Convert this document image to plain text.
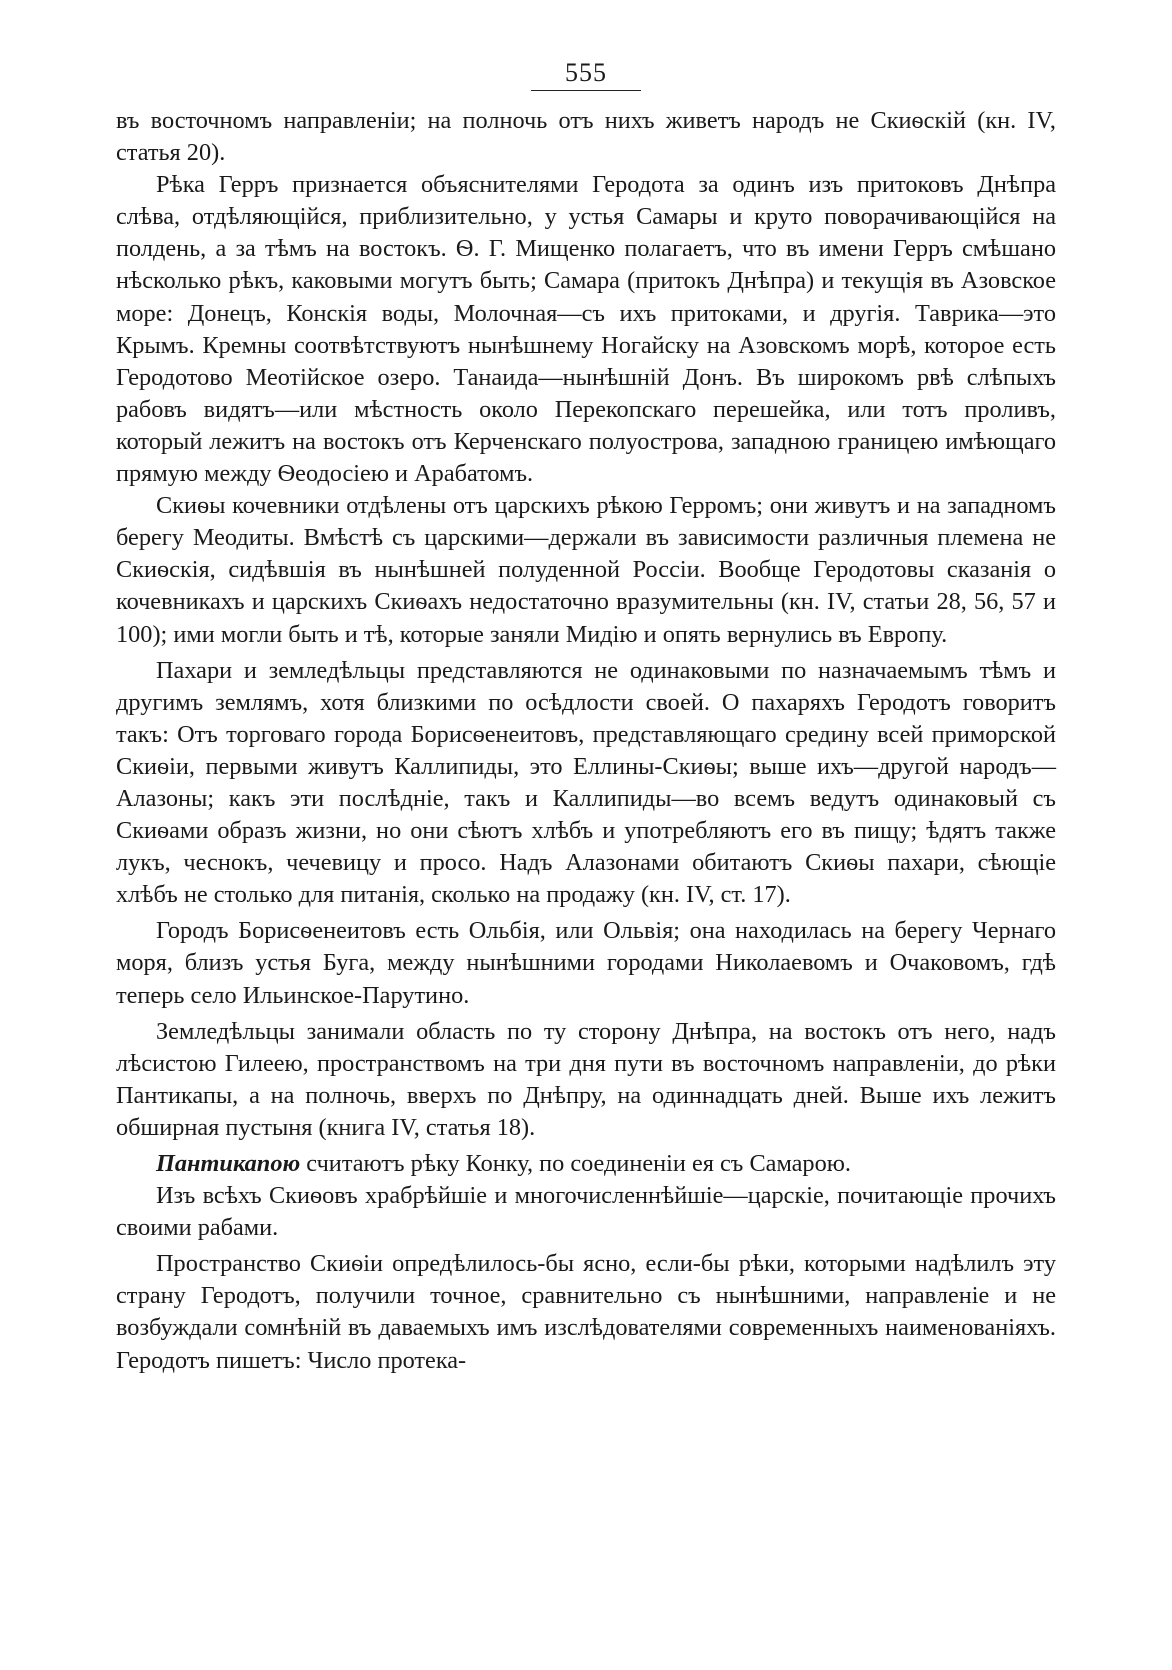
555

въ восточномъ направленіи; на полночь отъ нихъ живетъ народъ не Скиѳскій (кн. IV, статья 20).

Рѣка Герръ признается объяснителями Геродота за одинъ изъ притоковъ Днѣпра слѣва, отдѣляющійся, приблизительно, у устья Самары и круто поворачивающійся на полдень, а за тѣмъ на востокъ. Ѳ. Г. Мищенко полагаетъ, что въ имени Герръ смѣшано нѣсколько рѣкъ, каковыми могутъ быть; Самара (притокъ Днѣпра) и текущія въ Азовское море: Донецъ, Конскія воды, Молочная—съ ихъ притоками, и другія. Таврика—это Крымъ. Кремны соотвѣтствуютъ нынѣшнему Ногайску на Азовскомъ морѣ, которое есть Геродотово Меотійское озеро. Танаида—нынѣшній Донъ. Въ широкомъ рвѣ слѣпыхъ рабовъ видятъ—или мѣстность около Перекопскаго перешейка, или тотъ проливъ, который лежитъ на востокъ отъ Керченскаго полуострова, западною границею имѣющаго прямую между Ѳеодосіею и Арабатомъ.

Скиѳы кочевники отдѣлены отъ царскихъ рѣкою Герромъ; они живутъ и на западномъ берегу Меодиты. Вмѣстѣ съ царскими—держали въ зависимости различныя племена не Скиѳскія, сидѣвшія въ нынѣшней полуденной Россіи. Вообще Геродотовы сказанія о кочевникахъ и царскихъ Скиѳахъ недостаточно вразумительны (кн. IV, статьи 28, 56, 57 и 100); ими могли быть и тѣ, которые заняли Мидію и опять вернулись въ Европу.

Пахари и земледѣльцы представляются не одинаковыми по назначаемымъ тѣмъ и другимъ землямъ, хотя близкими по осѣдлости своей. О пахаряхъ Геродотъ говоритъ такъ: Отъ торговаго города Борисѳенеитовъ, представляющаго средину всей приморской Скиѳіи, первыми живутъ Каллипиды, это Еллины-Скиѳы; выше ихъ—другой народъ—Алазоны; какъ эти послѣдніе, такъ и Каллипиды—во всемъ ведутъ одинаковый съ Скиѳами образъ жизни, но они сѣютъ хлѣбъ и употребляютъ его въ пищу; ѣдятъ также лукъ, чеснокъ, чечевицу и просо. Надъ Алазонами обитаютъ Скиѳы пахари, сѣющіе хлѣбъ не столько для питанія, сколько на продажу (кн. IV, ст. 17).

Городъ Борисѳенеитовъ есть Ольбія, или Ольвія; она находилась на берегу Чернаго моря, близъ устья Буга, между нынѣшними городами Николаевомъ и Очаковомъ, гдѣ теперь село Ильинское-Парутино.

Земледѣльцы занимали область по ту сторону Днѣпра, на востокъ отъ него, надъ лѣсистою Гилеею, пространствомъ на три дня пути въ восточномъ направленіи, до рѣки Пантикапы, а на полночь, вверхъ по Днѣпру, на одиннадцать дней. Выше ихъ лежитъ обширная пустыня (книга IV, статья 18).

Пантикапою считаютъ рѣку Конку, по соединеніи ея съ Самарою.

Изъ всѣхъ Скиѳовъ храбрѣйшіе и многочисленнѣйшіе—царскіе, почитающіе прочихъ своими рабами.

Пространство Скиѳіи опредѣлилось-бы ясно, если-бы рѣки, которыми надѣлилъ эту страну Геродотъ, получили точное, сравнительно съ нынѣшними, направленіе и не возбуждали сомнѣній въ даваемыхъ имъ изслѣдователями современныхъ наименованіяхъ. Геродотъ пишетъ: Число протека-
